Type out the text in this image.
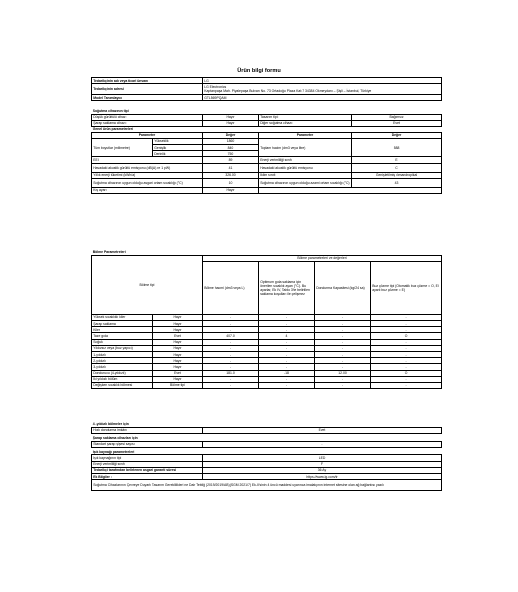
Ürün bilgi formu
Tedarikçinin adı veya ticari ünvanı	LG
Tedarikçinin adresi	LG Electronics
Kaptanpaşa Mah. Piyalepaşa Bulvarı No. 73 Ortadoğu Plaza Kat:7 34384 Okmeydanı – Şişli – İstanbul, Türkiye

Model Tanımlayıcı	GTL569PQAM
Soğutma cihazının tipi			
Düşük gürültülü cihaz:	Hayır	Tasarım tipi:	Bağımsız
Şarap saklama cihazı:	Hayır	Diğer soğutma cihazı:	Evet
Genel ürün parametreleri				
Parametre		Değer	Parametre	Değer
Tüm boyutlar (milimetre)	Yükseklik	1860	Toplam hacim (dm3 veya litre)	588
	Genişlik	840		
	Derinlik	750		
EEI		89	Enerji verimliliği sınıfı	E
Havadaki akustik gürültü emisyonu (dB(A) re 1 pW)		41	Havadaki akustik gürültü emisyonu	C
Yıllık enerji tüketimi (kWh/a)		326.00	İklim sınıfı	Genişletilmiş ılımandropikal
Soğutma cihazının uygun olduğu asgari ortam sıcaklığı (°C)		10	Soğutma cihazının uygun olduğu azami ortam sıcaklığı (°C)	43
Kış ayarı		Hayır		
Bölme Parametreleri					
Bölme tipi		Bölme parametreleri ve değerleri			
		Bölme hacmi (dm3 veya L)	Optimum gıda saklama için önerilen sıcaklık ayarı (°C). Bu ayarlar, Ek IV, Tablo 3'te belirtilen saklama koşulları ile çelişmez	Dondurma Kapasitesi (kg/24 sa)	Buz çözme tipi (Otomatik buz çözme = O, El ayarlı buz çözme = E)
Yüksek sıcaklıklı kiler	Hayır	-	-	-	-
Şarap saklama	Hayır	-	-	-	-
Kiler	Hayır	-	-	-	-
Taze gıda	Evet	407.0	4	-	O
Soğuk	Hayır	-	-	-	-
Yıldızsız veya (buz yapıcı)	Hayır	-	-	-	-
1-yıldızlı	Hayır	-	-	-	-
2-yıldızlı	Hayır	-	-	-	-
3-yıldızlı	Hayır	-	-	-	-
Dondurucu (4-yıldızlı)	Evet	181.0	-18	12.00	O
İki yıldızlı bölüm	Hayır	-	-	-	-
Değişken sıcaklık bölmesi	Bölme tipi	-	-	-	-
4 -yıldızlı bölmeler için	
Hızlı dondurma imkânı	Evet
Şarap saklama cihazları için	
Standart şarap şişesi sayısı	-
Işık kaynağı parametreleri	
Işık kaynağının tipi	LED
Enerji verimliliği sınıfı	F
Tedarikçi tarafından belirlenen asgari garanti süresi	36 Ay
Ek Bilgiler :	https://www.lg.com/tr
Soğutma Cihazlarının Çevreye Duyarlı Tasarım Gereklilikleri ne Dair Tebliğ (2019/2019/AB)(SGM 2021/7) Ek-II'sinin 4 üncü maddesi uyarınca imalatçının internet sitesine olan ağ bağlantısı yazılı	
